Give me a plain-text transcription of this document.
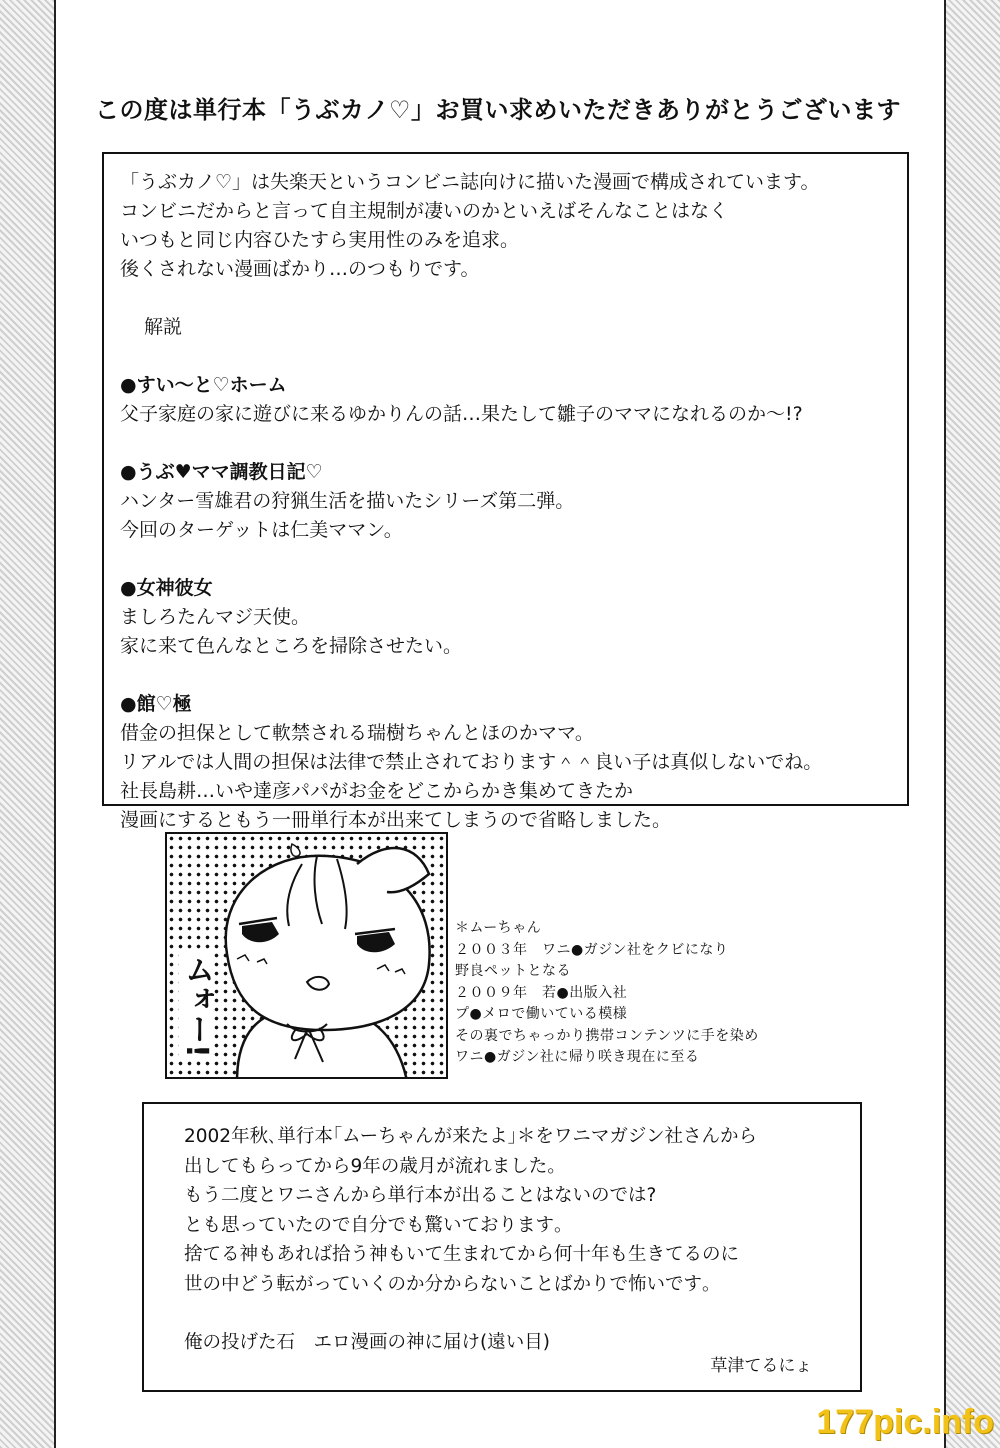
この度は単行本「うぶカノ♡」お買い求めいただきありがとうございます
「うぶカノ♡」は失楽天というコンビニ誌向けに描いた漫画で構成されています。
コンビニだからと言って自主規制が凄いのかといえばそんなことはなく
いつもと同じ内容ひたすら実用性のみを追求。
後くされない漫画ばかり…のつもりです。
解説
●すい～と♡ホーム
父子家庭の家に遊びに来るゆかりんの話…果たして雛子のママになれるのか～!?
●うぶ♥ママ調教日記♡
ハンター雪雄君の狩猟生活を描いたシリーズ第二弾。
今回のターゲットは仁美ママン。
●女神彼女
ましろたんマジ天使。
家に来て色んなところを掃除させたい。
●館♡極
借金の担保として軟禁される瑞樹ちゃんとほのかママ。
リアルでは人間の担保は法律で禁止されております＾＾良い子は真似しないでね。
社長島耕…いや達彦パパがお金をどこからかき集めてきたか
漫画にするともう一冊単行本が出来てしまうので省略しました。
ムォー!
＊ムーちゃん
２００３年　ワニ●ガジン社をクビになり
野良ペットとなる
２００９年　若●出版入社
プ●メロで働いている模様
その裏でちゃっかり携帯コンテンツに手を染め
ワニ●ガジン社に帰り咲き現在に至る
2002年秋､単行本｢ムーちゃんが来たよ｣＊をワニマガジン社さんから
出してもらってから9年の歳月が流れました｡
もう二度とワニさんから単行本が出ることはないのでは?
とも思っていたので自分でも驚いております｡
捨てる神もあれば拾う神もいて生まれてから何十年も生きてるのに
世の中どう転がっていくのか分からないことばかりで怖いです｡
俺の投げた石　エロ漫画の神に届け(遠い目)
草津てるにょ
177pic.info
